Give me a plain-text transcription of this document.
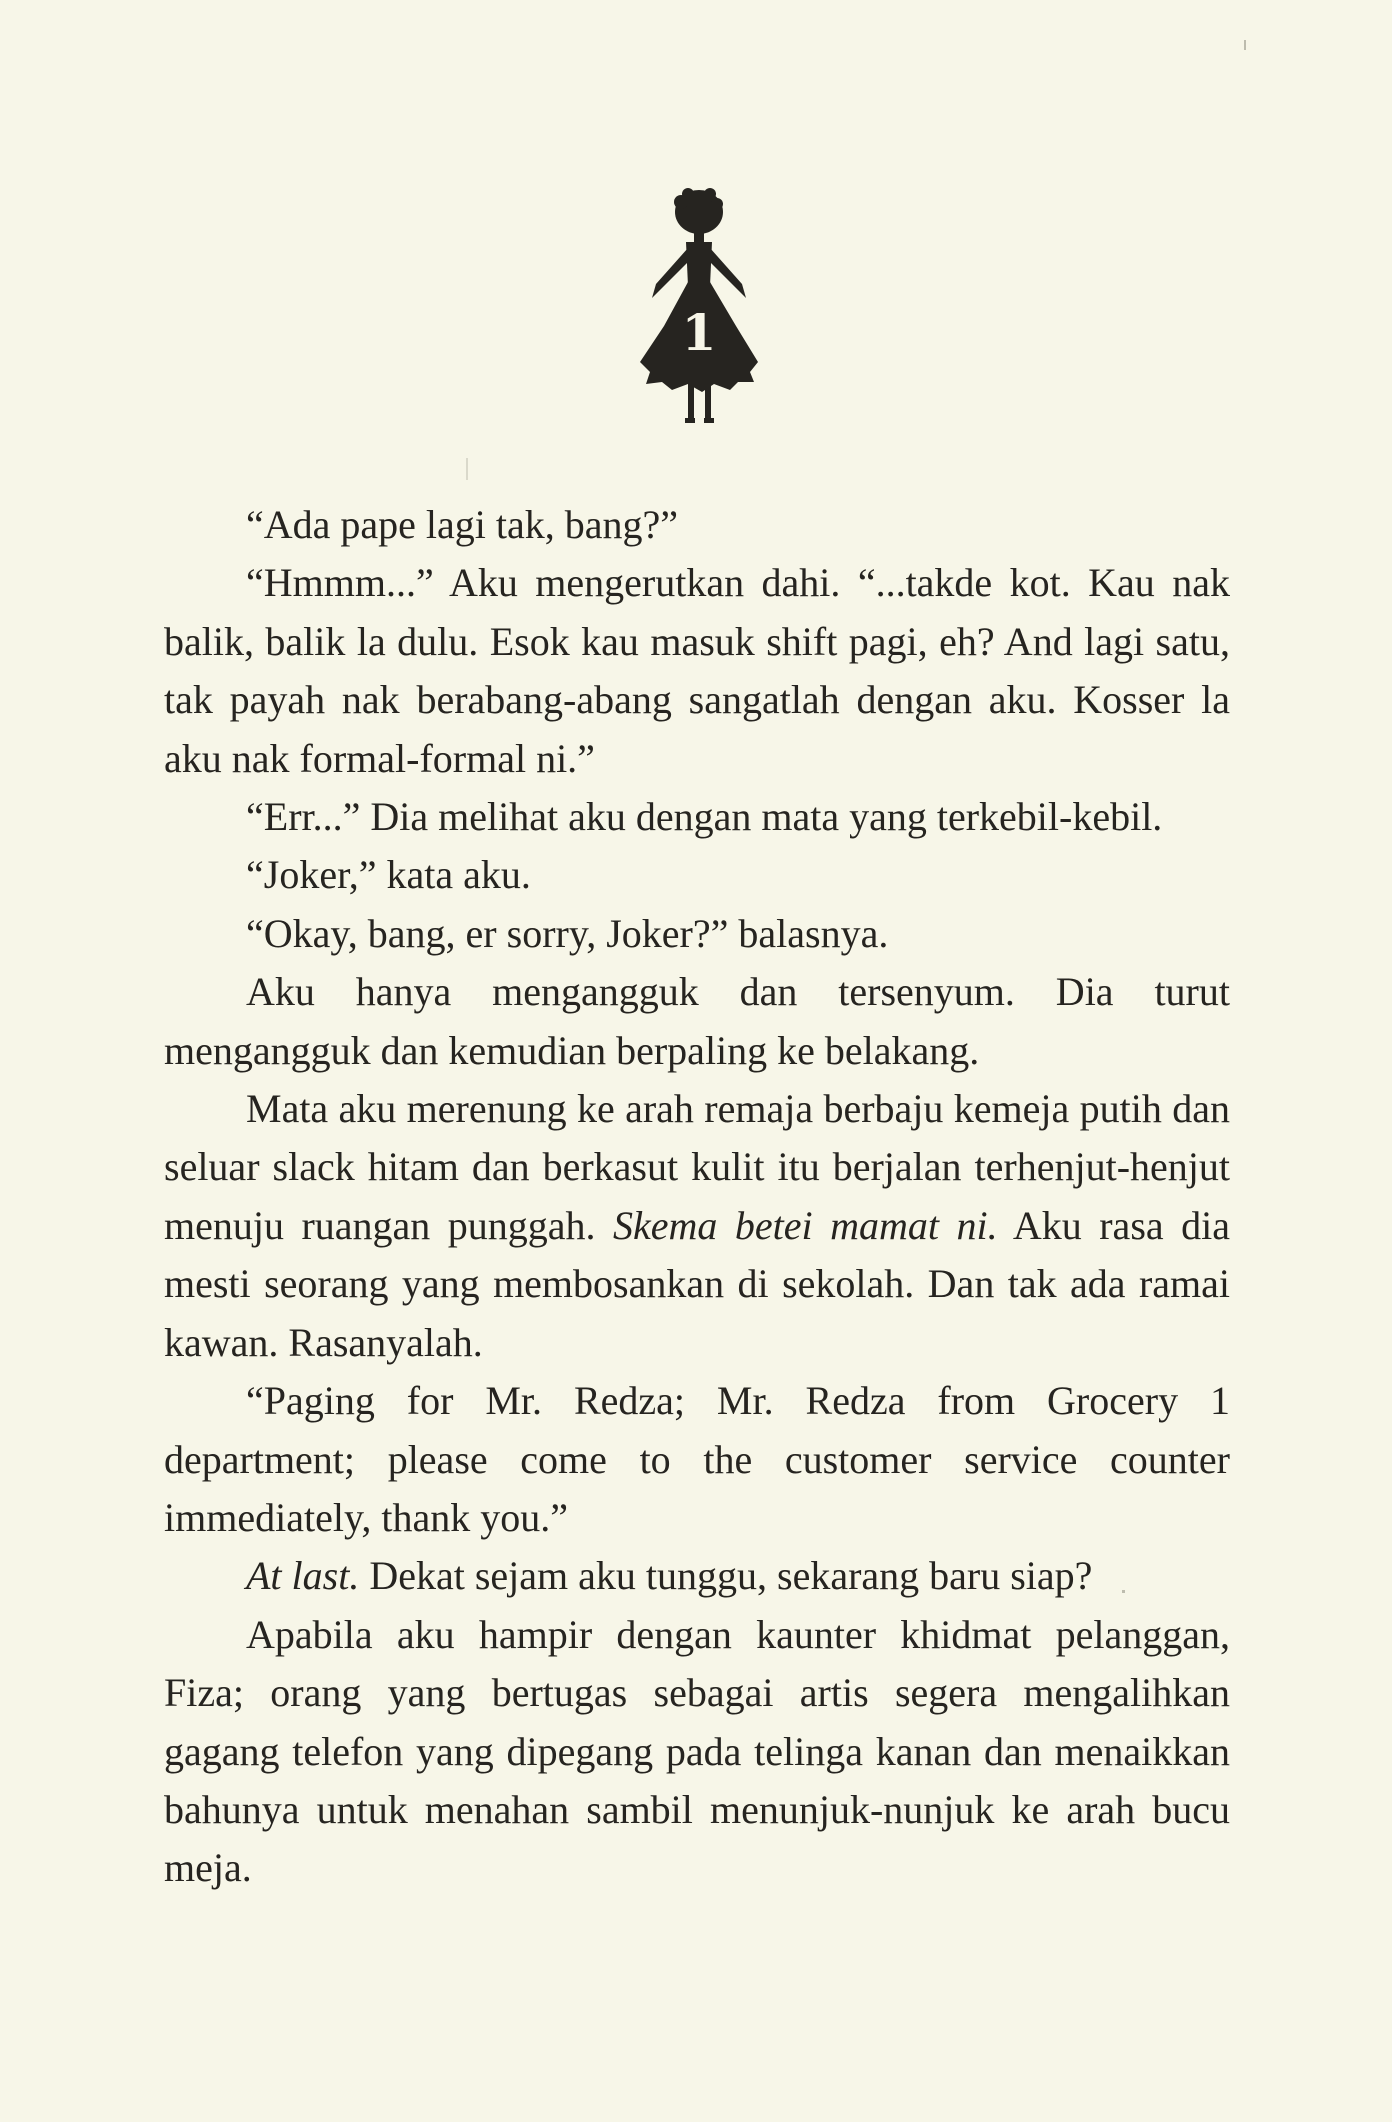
1

“Ada pape lagi tak, bang?”

“Hmmm...” Aku mengerutkan dahi. “...takde kot. Kau nak balik, balik la dulu. Esok kau masuk shift pagi, eh? And lagi satu, tak payah nak berabang-abang sangatlah dengan aku. Kosser la aku nak formal-formal ni.”

“Err...” Dia melihat aku dengan mata yang terkebil-kebil.

“Joker,” kata aku.

“Okay, bang, er sorry, Joker?” balasnya.

Aku hanya mengangguk dan tersenyum. Dia turut mengangguk dan kemudian berpaling ke belakang.

Mata aku merenung ke arah remaja berbaju kemeja putih dan seluar slack hitam dan berkasut kulit itu berjalan terhenjut-henjut menuju ruangan punggah. Skema betei mamat ni. Aku rasa dia mesti seorang yang membosankan di sekolah. Dan tak ada ramai kawan. Rasanyalah.

“Paging for Mr. Redza; Mr. Redza from Grocery 1 department; please come to the customer service counter immediately, thank you.”

At last. Dekat sejam aku tunggu, sekarang baru siap?

Apabila aku hampir dengan kaunter khidmat pelanggan, Fiza; orang yang bertugas sebagai artis segera mengalihkan gagang telefon yang dipegang pada telinga kanan dan menaikkan bahunya untuk menahan sambil menunjuk-nunjuk ke arah bucu meja.
